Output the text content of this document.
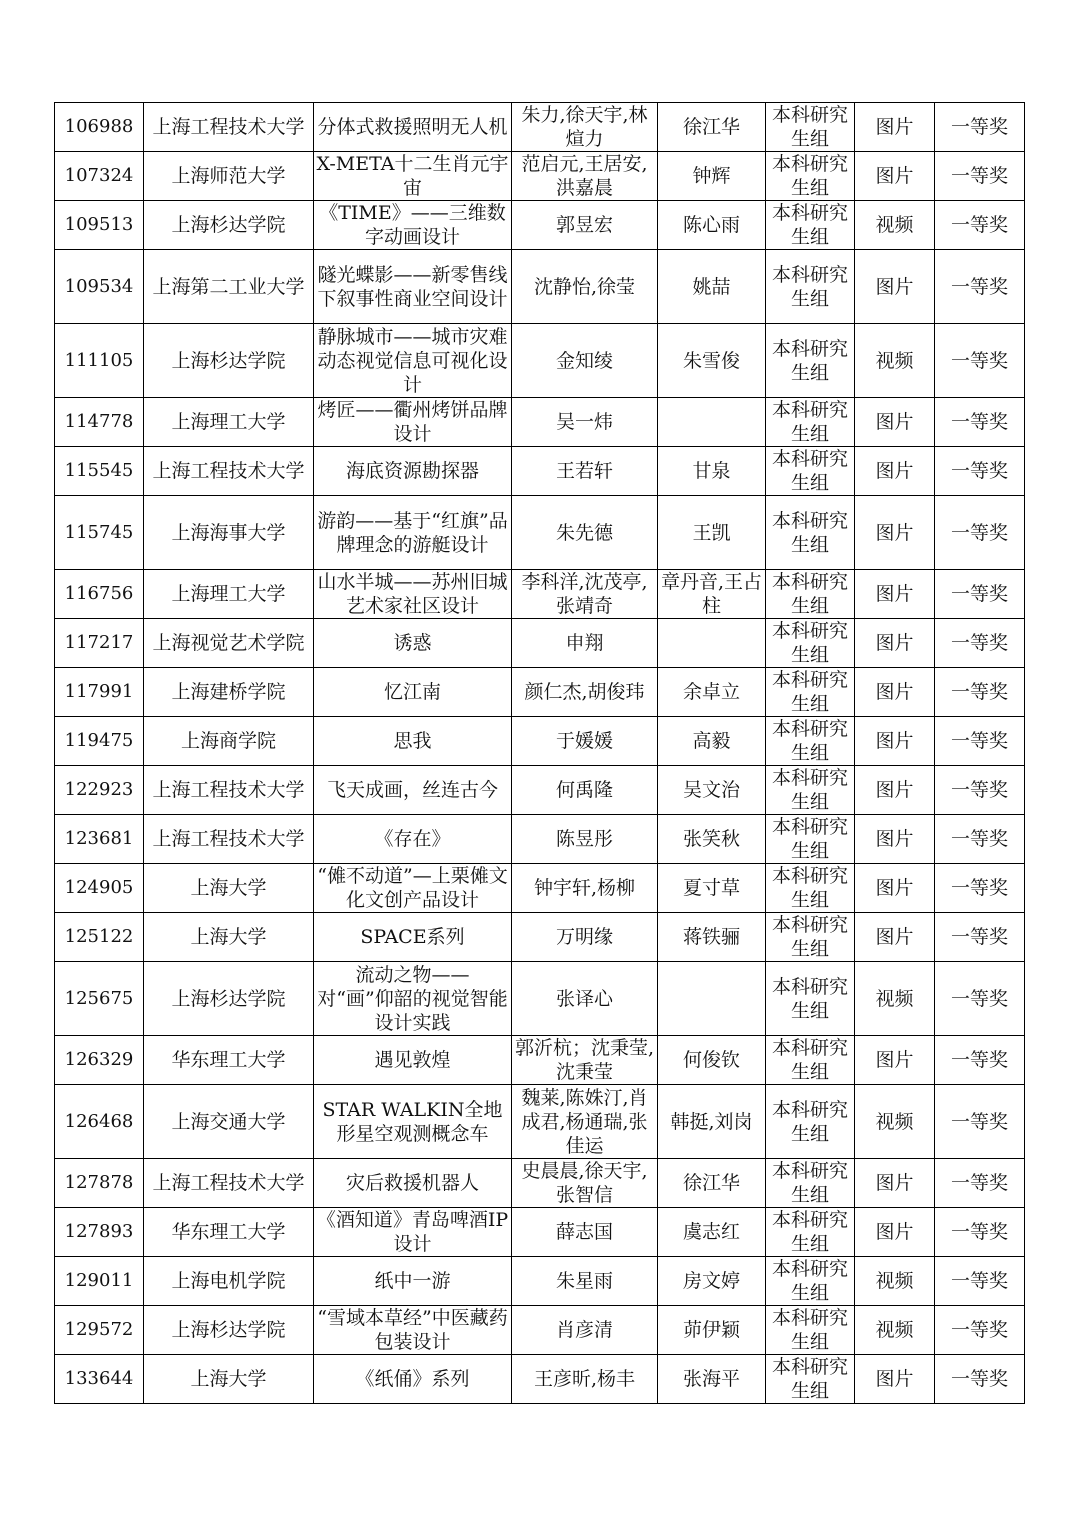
106988	上海工程技术大学	分体式救援照明无人机	朱力,徐天宇,林煊力	徐江华	本科研究生组	图片	一等奖
107324	上海师范大学	X-META十二生肖元宇宙	范启元,王居安,洪嘉晨	钟辉	本科研究生组	图片	一等奖
109513	上海杉达学院	《TIME》——三维数字动画设计	郭昱宏	陈心雨	本科研究生组	视频	一等奖
109534	上海第二工业大学	隧光蝶影——新零售线下叙事性商业空间设计	沈静怡,徐莹	姚喆	本科研究生组	图片	一等奖
111105	上海杉达学院	静脉城市——城市灾难动态视觉信息可视化设计	金知绫	朱雪俊	本科研究生组	视频	一等奖
114778	上海理工大学	烤匠——衢州烤饼品牌设计	吴一炜		本科研究生组	图片	一等奖
115545	上海工程技术大学	海底资源勘探器	王若轩	甘泉	本科研究生组	图片	一等奖
115745	上海海事大学	游韵——基于“红旗”品牌理念的游艇设计	朱先德	王凯	本科研究生组	图片	一等奖
116756	上海理工大学	山水半城——苏州旧城艺术家社区设计	李科洋,沈茂亭,张靖奇	章丹音,王占柱	本科研究生组	图片	一等奖
117217	上海视觉艺术学院	诱惑	申翔		本科研究生组	图片	一等奖
117991	上海建桥学院	忆江南	颜仁杰,胡俊玮	余卓立	本科研究生组	图片	一等奖
119475	上海商学院	思我	于媛媛	高毅	本科研究生组	图片	一等奖
122923	上海工程技术大学	飞天成画，丝连古今	何禹隆	吴文治	本科研究生组	图片	一等奖
123681	上海工程技术大学	《存在》	陈昱彤	张笑秋	本科研究生组	图片	一等奖
124905	上海大学	“傩不动道”—上栗傩文化文创产品设计	钟宇轩,杨柳	夏寸草	本科研究生组	图片	一等奖
125122	上海大学	SPACE系列	万明缘	蒋铁骊	本科研究生组	图片	一等奖
125675	上海杉达学院	流动之物—— 对“画”仰韶的视觉智能设计实践	张译心		本科研究生组	视频	一等奖
126329	华东理工大学	遇见敦煌	郭沂杭；沈秉莹,沈秉莹	何俊钦	本科研究生组	图片	一等奖
126468	上海交通大学	STAR WALKIN全地形星空观测概念车	魏莱,陈姝汀,肖成君,杨通瑞,张佳运	韩挺,刘岗	本科研究生组	视频	一等奖
127878	上海工程技术大学	灾后救援机器人	史晨晨,徐天宇,张智信	徐江华	本科研究生组	图片	一等奖
127893	华东理工大学	《酒知道》青岛啤酒IP设计	薛志国	虞志红	本科研究生组	图片	一等奖
129011	上海电机学院	纸中一游	朱星雨	房文婷	本科研究生组	视频	一等奖
129572	上海杉达学院	“雪域本草经”中医藏药包装设计	肖彦清	茆伊颖	本科研究生组	视频	一等奖
133644	上海大学	《纸俑》系列	王彦昕,杨丰	张海平	本科研究生组	图片	一等奖
